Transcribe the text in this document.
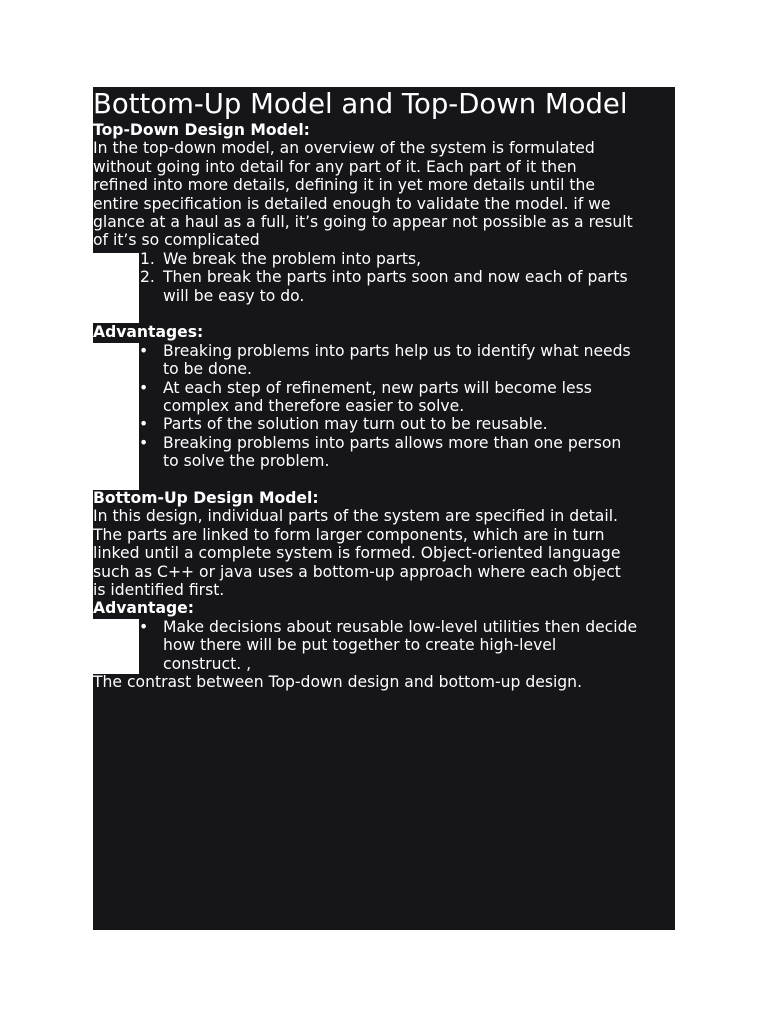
Bottom-Up Model and Top-Down Model
Top-Down Design Model:
In the top-down model, an overview of the system is formulated
without going into detail for any part of it. Each part of it then
refined into more details, defining it in yet more details until the
entire specification is detailed enough to validate the model. if we
glance at a haul as a full, it’s going to appear not possible as a result
of it’s so complicated
1. We break the problem into parts,
2. Then break the parts into parts soon and now each of parts
will be easy to do.
Advantages:
• Breaking problems into parts help us to identify what needs
to be done.
• At each step of refinement, new parts will become less
complex and therefore easier to solve.
• Parts of the solution may turn out to be reusable.
• Breaking problems into parts allows more than one person
to solve the problem.
Bottom-Up Design Model:
In this design, individual parts of the system are specified in detail.
The parts are linked to form larger components, which are in turn
linked until a complete system is formed. Object-oriented language
such as C++ or java uses a bottom-up approach where each object
is identified first.
Advantage:
• Make decisions about reusable low-level utilities then decide
how there will be put together to create high-level
construct. ,
The contrast between Top-down design and bottom-up design.
